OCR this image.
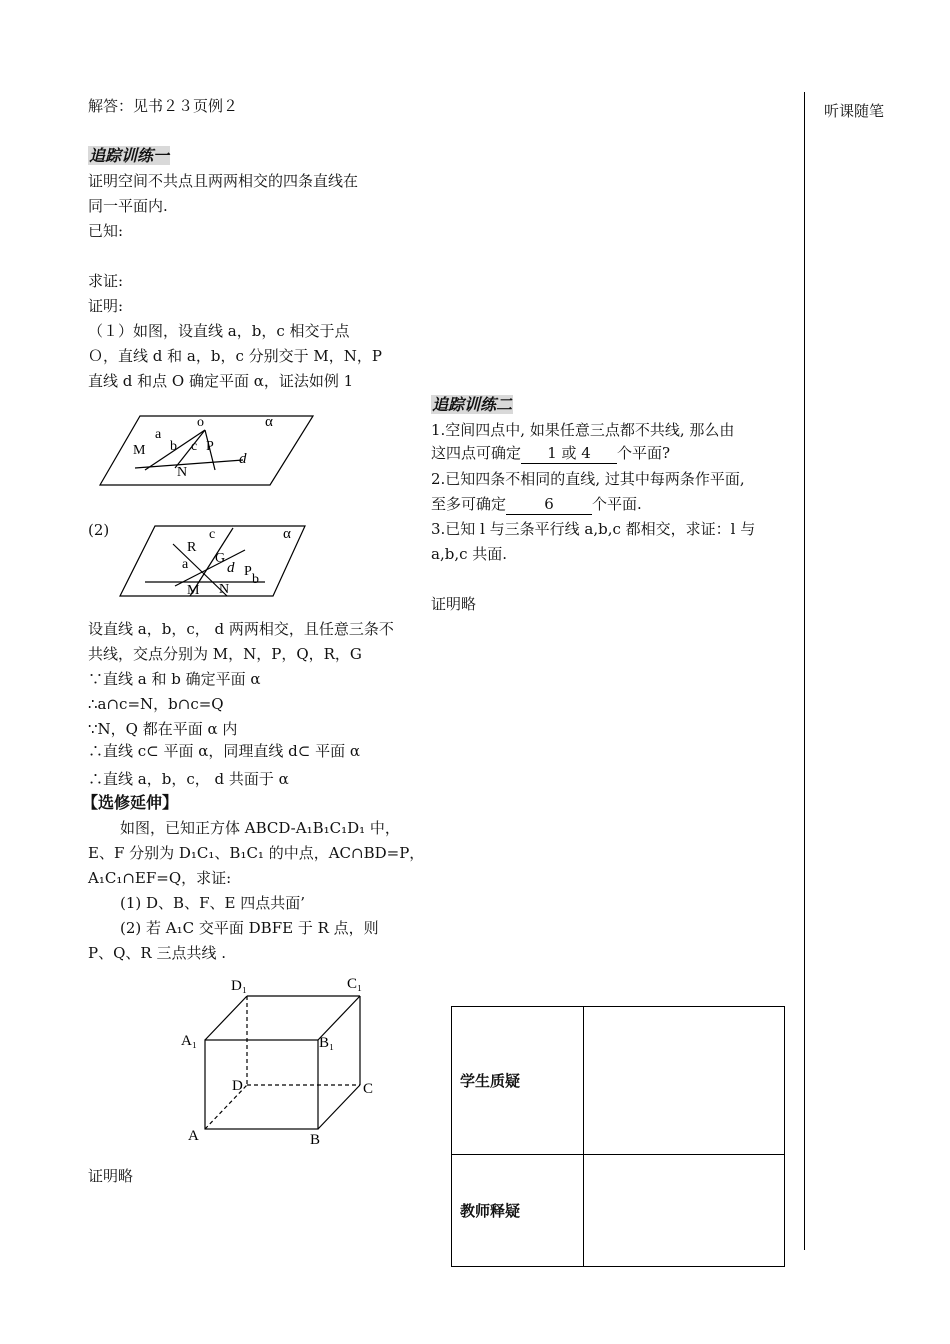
解答：见书２３页例２
追踪训练一
证明空间不共点且两两相交的四条直线在
同一平面内.
已知:
求证:
证明:
（１）如图，设直线 a，b，c 相交于点
Ｏ，直线 d 和 a，b，c 分别交于 M，N，P
直线 d 和点 O 确定平面 α，证法如例 1
o	α
a
b c
M	P
N
d
(2)	c	α
R
G
a	d P
b
M N
设直线 a，b，c， d 两两相交，且任意三条不
共线，交点分别为 M，N，P，Q，R，G
∵直线 a 和 b 确定平面 α
∴a∩c=N，b∩c=Q
∵N，Q 都在平面 α 内
∴直线 c⊂ 平面 α，同理直线 d⊂ 平面 α
∴直线 a，b，c， d 共面于 α
【选修延伸】
如图，已知正方体 ABCD-A₁B₁C₁D₁ 中，
E、F 分别为 D₁C₁、B₁C₁ 的中点，AC∩BD=P，
A₁C₁∩EF=Q，求证:
(1) D、B、F、E 四点共面’
(2) 若 A₁C 交平面 DBFE 于 R 点，则
P、Q、R 三点共线 .
D₁	C₁
A₁	B₁
D	C
A	B
证明略
追踪训练二
1.空间四点中, 如果任意三点都不共线, 那么由
这四点可确定 1 或 4 个平面?
2.已知四条不相同的直线, 过其中每两条作平面,
至多可确定	6	个平面.
3.已知 l 与三条平行线 a,b,c 都相交，求证：l 与
a,b,c 共面.
证明略
学生质疑	
教师释疑	
听课随笔
